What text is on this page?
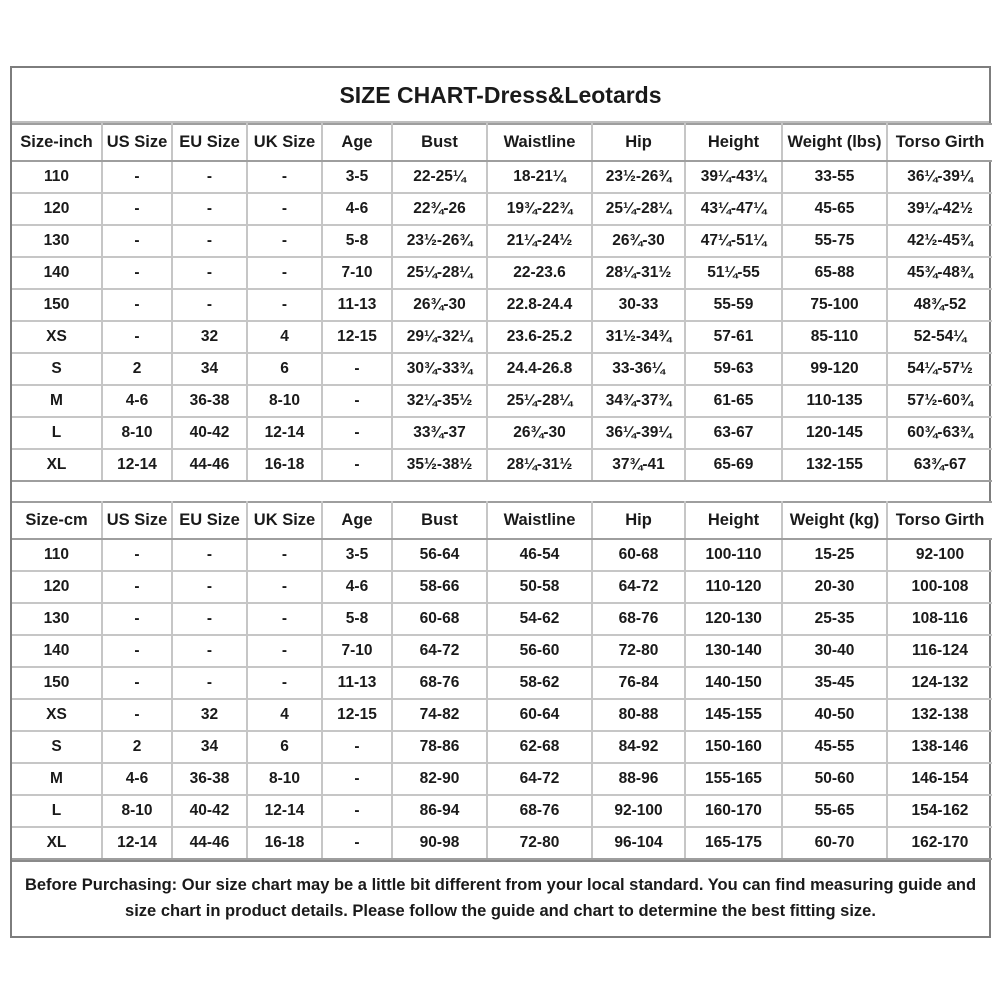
SIZE CHART-Dress&Leotards
Size-inch	US Size	EU Size	UK Size	Age	Bust	Waistline	Hip	Height	Weight (lbs)	Torso Girth
110	-	-	-	3-5	22-25¼	18-21¼	23½-26¾	39¼-43¼	33-55	36¼-39¼
120	-	-	-	4-6	22¾-26	19¾-22¾	25¼-28¼	43¼-47¼	45-65	39¼-42½
130	-	-	-	5-8	23½-26¾	21¼-24½	26¾-30	47¼-51¼	55-75	42½-45¾
140	-	-	-	7-10	25¼-28¼	22-23.6	28¼-31½	51¼-55	65-88	45¾-48¾
150	-	-	-	11-13	26¾-30	22.8-24.4	30-33	55-59	75-100	48¾-52
XS	-	32	4	12-15	29¼-32¼	23.6-25.2	31½-34¾	57-61	85-110	52-54¼
S	2	34	6	-	30¾-33¾	24.4-26.8	33-36¼	59-63	99-120	54¼-57½
M	4-6	36-38	8-10	-	32¼-35½	25¼-28¼	34¾-37¾	61-65	110-135	57½-60¾
L	8-10	40-42	12-14	-	33¾-37	26¾-30	36¼-39¼	63-67	120-145	60¾-63¾
XL	12-14	44-46	16-18	-	35½-38½	28¼-31½	37¾-41	65-69	132-155	63¾-67
Size-cm	US Size	EU Size	UK Size	Age	Bust	Waistline	Hip	Height	Weight (kg)	Torso Girth
110	-	-	-	3-5	56-64	46-54	60-68	100-110	15-25	92-100
120	-	-	-	4-6	58-66	50-58	64-72	110-120	20-30	100-108
130	-	-	-	5-8	60-68	54-62	68-76	120-130	25-35	108-116
140	-	-	-	7-10	64-72	56-60	72-80	130-140	30-40	116-124
150	-	-	-	11-13	68-76	58-62	76-84	140-150	35-45	124-132
XS	-	32	4	12-15	74-82	60-64	80-88	145-155	40-50	132-138
S	2	34	6	-	78-86	62-68	84-92	150-160	45-55	138-146
M	4-6	36-38	8-10	-	82-90	64-72	88-96	155-165	50-60	146-154
L	8-10	40-42	12-14	-	86-94	68-76	92-100	160-170	55-65	154-162
XL	12-14	44-46	16-18	-	90-98	72-80	96-104	165-175	60-70	162-170
Before Purchasing: Our size chart may be a little bit different from your local standard. You can find measuring guide and size chart in product details. Please follow the guide and chart to determine the best fitting size.
